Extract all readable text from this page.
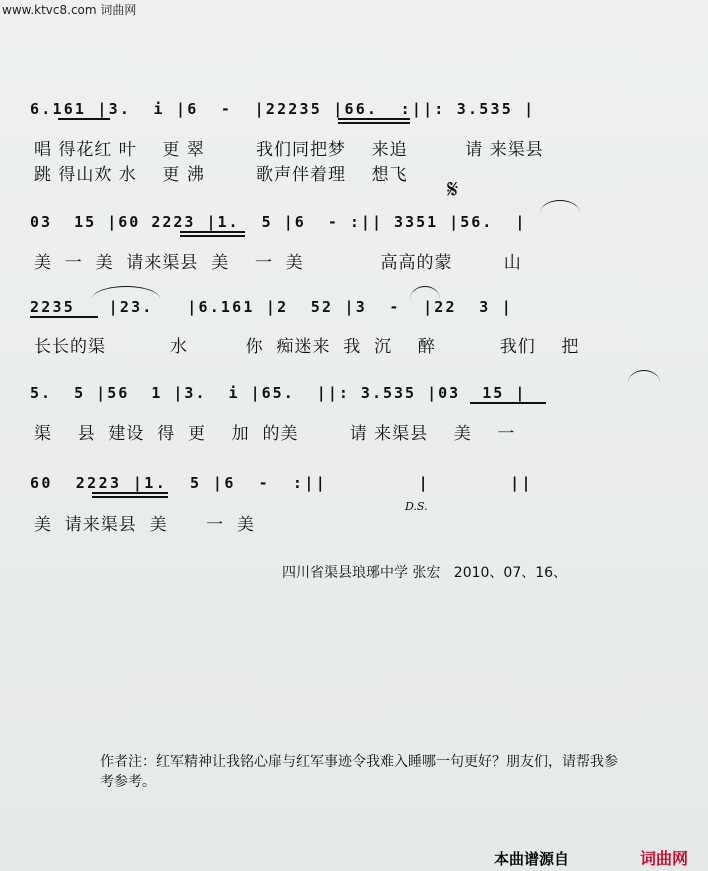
www.ktvc8.com 词曲网
6.161 |3.  i |6  -  |22235 |66.  :||: 3.535 |
唱 得花红 叶    更 翠        我们同把梦    来追         请 来渠县
跳 得山欢 水    更 沸        歌声伴着理    想飞
03  15 |60 2223 |1.  5 |6  - :|| 3351 |56.  |
美  一  美  请来渠县  美    一  美            高高的蒙        山
𝄋
2235   |23.   |6.161 |2  52 |3  -  |22  3 |
长长的渠          水         你  痴迷来  我  沉    醉          我们    把
5.  5 |56  1 |3.  i |65.  ||: 3.535 |03  15 |
渠    县  建设  得  更    加  的美        请 来渠县    美    一
60  2223 |1.  5 |6  -  :||        |       ||
美  请来渠县  美      一  美
D.S.
四川省渠县琅琊中学 张宏   2010、07、16、
作者注：红军精神让我铭心扉与红军事迹令我难入睡哪一句更好？朋友们，请帮我参考参考。
本曲谱源自	词曲网
